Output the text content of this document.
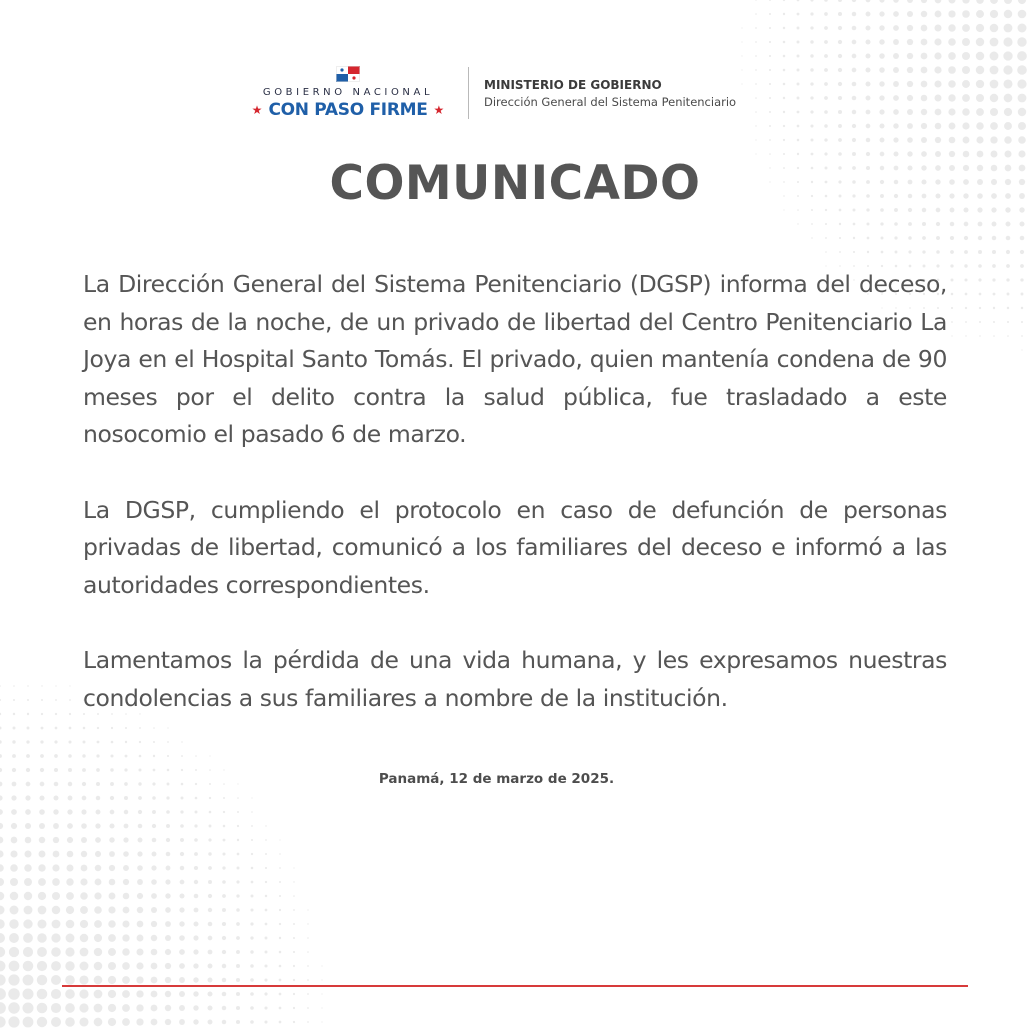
GOBIERNO NACIONAL
★ CON PASO FIRME ★
MINISTERIO DE GOBIERNO
Dirección General del Sistema Penitenciario
COMUNICADO

La Dirección General del Sistema Penitenciario (DGSP) informa del deceso, en horas de la noche, de un privado de libertad del Centro Penitenciario La Joya en el Hospital Santo Tomás. El privado, quien mantenía condena de 90 meses por el delito contra la salud pública, fue trasladado a este nosocomio el pasado 6 de marzo.

La DGSP, cumpliendo el protocolo en caso de defunción de personas privadas de libertad, comunicó a los familiares del deceso e informó a las autoridades correspondientes.

Lamentamos la pérdida de una vida humana, y les expresamos nuestras condolencias a sus familiares a nombre de la institución.

Panamá, 12 de marzo de 2025.
